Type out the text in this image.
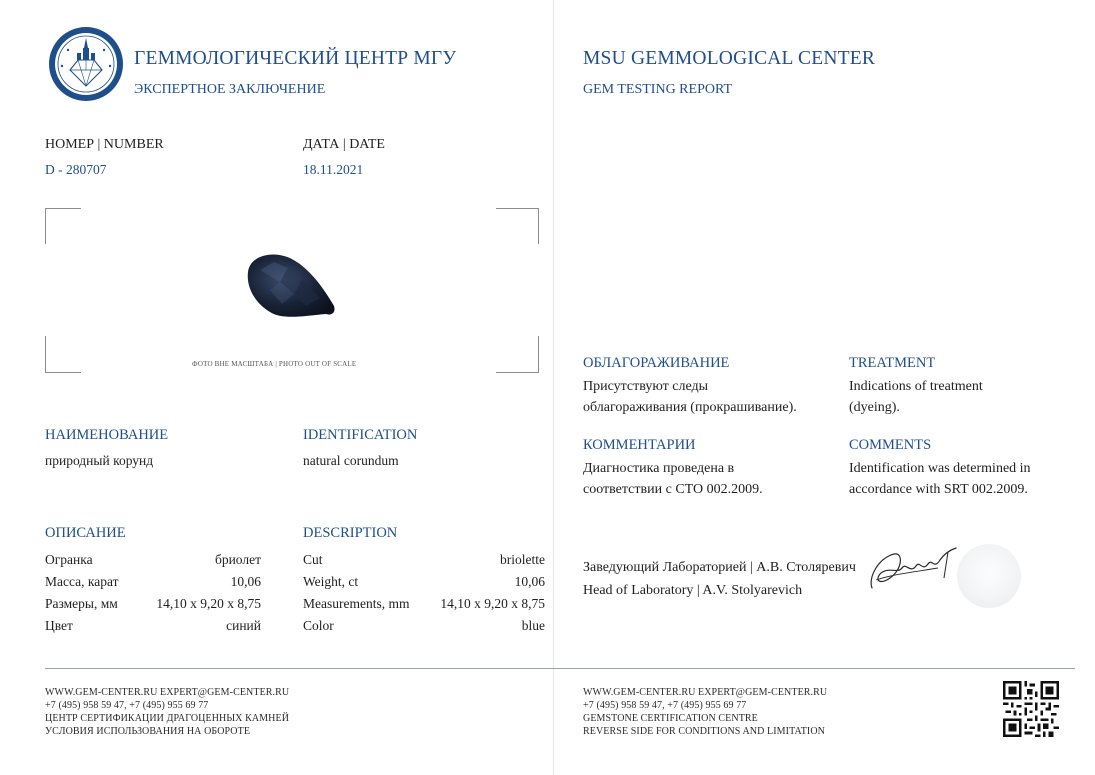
ГЕММОЛОГИЧЕСКИЙ ЦЕНТР МГУ
ЭКСПЕРТНОЕ ЗАКЛЮЧЕНИЕ
НОМЕР | NUMBER
D - 280707
ДАТА | DATE
18.11.2021
ФОТО ВНЕ МАСШТАБА | PHOTO OUT OF SCALE
НАИМЕНОВАНИЕ
природный корунд
IDENTIFICATION
natural corundum
ОПИСАНИЕ	DESCRIPTION
Огранка	бриолет
Масса, карат	10,06
Размеры, мм	14,10 x 9,20 x 8,75
Цвет	синий
Cut	briolette
Weight, ct	10,06
Measurements, mm 14,10 x 9,20 x 8,75
Color	blue
MSU GEMMOLOGICAL CENTER
GEM TESTING REPORT
ОБЛАГОРАЖИВАНИЕ
Присутствуют следы
облагораживания (прокрашивание).
TREATMENT
Indications of treatment
(dyeing).
КОММЕНТАРИИ
Диагностика проведена в
соответствии с СТО 002.2009.
COMMENTS
Identification was determined in
accordance with SRT 002.2009.
Заведующий Лабораторией | А.В. Столяревич
Head of Laboratory | A.V. Stolyarevich
WWW.GEM-CENTER.RU EXPERT@GEM-CENTER.RU
+7 (495) 958 59 47, +7 (495) 955 69 77
ЦЕНТР СЕРТИФИКАЦИИ ДРАГОЦЕННЫХ КАМНЕЙ
УСЛОВИЯ ИСПОЛЬЗОВАНИЯ НА ОБОРОТЕ
WWW.GEM-CENTER.RU EXPERT@GEM-CENTER.RU
+7 (495) 958 59 47, +7 (495) 955 69 77
GEMSTONE CERTIFICATION CENTRE
REVERSE SIDE FOR CONDITIONS AND LIMITATION
